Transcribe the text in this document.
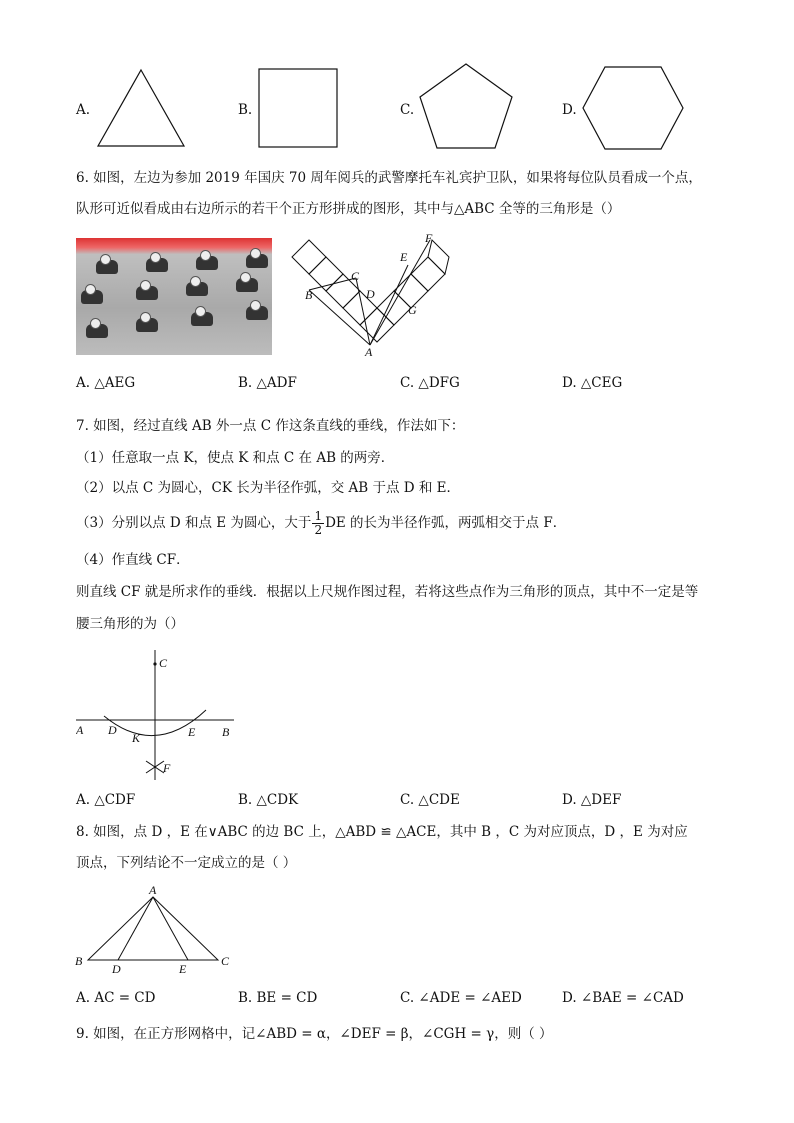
A.	B.	C.	D.
6. 如图，左边为参加 2019 年国庆 70 周年阅兵的武警摩托车礼宾护卫队，如果将每位队员看成一个点，
队形可近似看成由右边所示的若干个正方形拼成的图形，其中与△ABC 全等的三角形是（）
F
E
C
B	D
G
A
A. △AEG	B. △ADF	C. △DFG	D. △CEG
7. 如图，经过直线 AB 外一点 C 作这条直线的垂线，作法如下：
（1）任意取一点 K，使点 K 和点 C 在 AB 的两旁．
（2）以点 C 为圆心，CK 长为半径作弧，交 AB 于点 D 和 E．
（3）分别以点 D 和点 E 为圆心，大于 $\frac{1}{2}$ DE 的长为半径作弧，两弧相交于点 F．
（4）作直线 CF．
则直线 CF 就是所求作的垂线．根据以上尺规作图过程，若将这些点作为三角形的顶点，其中不一定是等
腰三角形的为（）
C
A D
K	E B
F
A. △CDF	B. △CDK	C. △CDE	D. △DEF
8. 如图，点 D ，E 在∨ABC 的边 BC 上，△ABD ≌ △ACE，其中 B ，C 为对应顶点，D ，E 为对应
顶点，下列结论不一定成立的是（ ）
A
B	C
D	E
A. AC = CD	B. BE = CD	C. ∠ADE = ∠AED	D. ∠BAE = ∠CAD
9. 如图，在正方形网格中，记∠ABD = α，∠DEF = β，∠CGH = γ，则（ ）
